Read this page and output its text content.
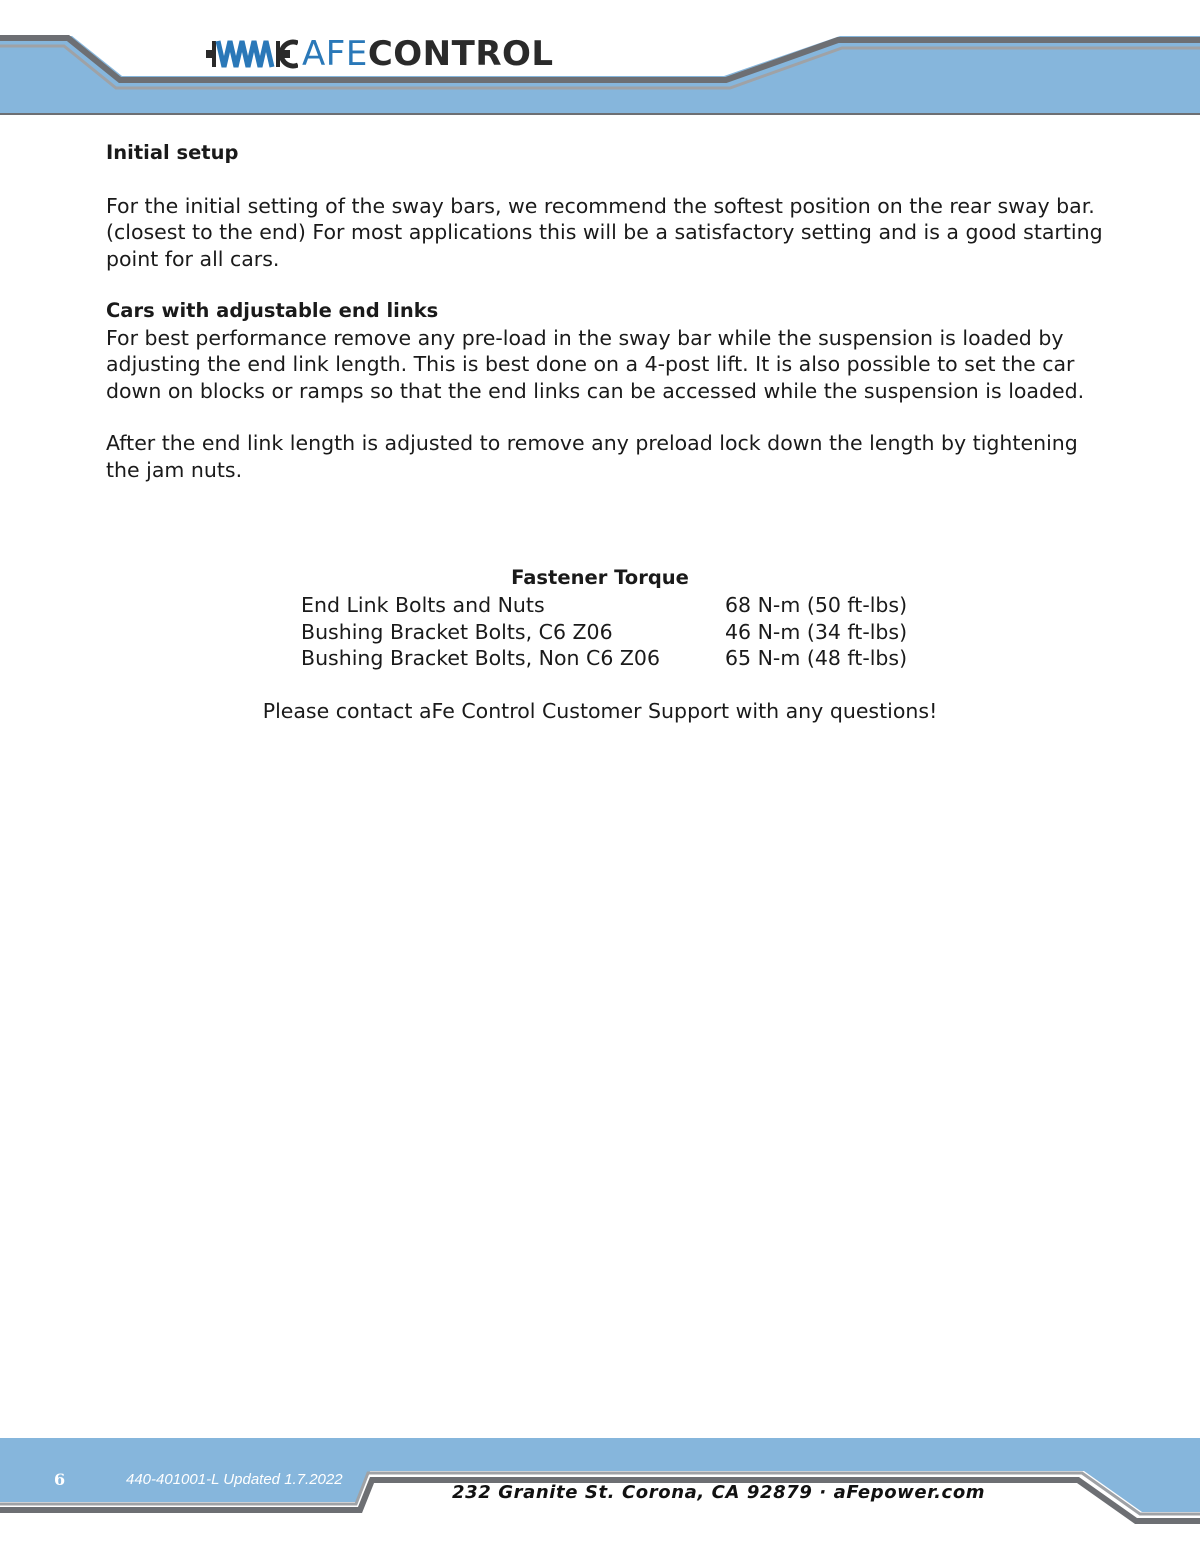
AFECONTROL

Initial setup

For the initial setting of the sway bars, we recommend the softest position on the rear sway bar. (closest to the end) For most applications this will be a satisfactory setting and is a good starting point for all cars.

Cars with adjustable end links

For best performance remove any pre-load in the sway bar while the suspension is loaded by adjusting the end link length. This is best done on a 4-post lift. It is also possible to set the car down on blocks or ramps so that the end links can be accessed while the suspension is loaded.

After the end link length is adjusted to remove any preload lock down the length by tightening the jam nuts.

Fastener Torque
End Link Bolts and Nuts	68 N-m (50 ft-lbs)
Bushing Bracket Bolts, C6 Z06	46 N-m (34 ft-lbs)
Bushing Bracket Bolts, Non C6 Z06	65 N-m (48 ft-lbs)
Please contact aFe Control Customer Support with any questions!
6	440-401001-L Updated 1.7.2022
232 Granite St. Corona, CA 92879 · aFepower.com
